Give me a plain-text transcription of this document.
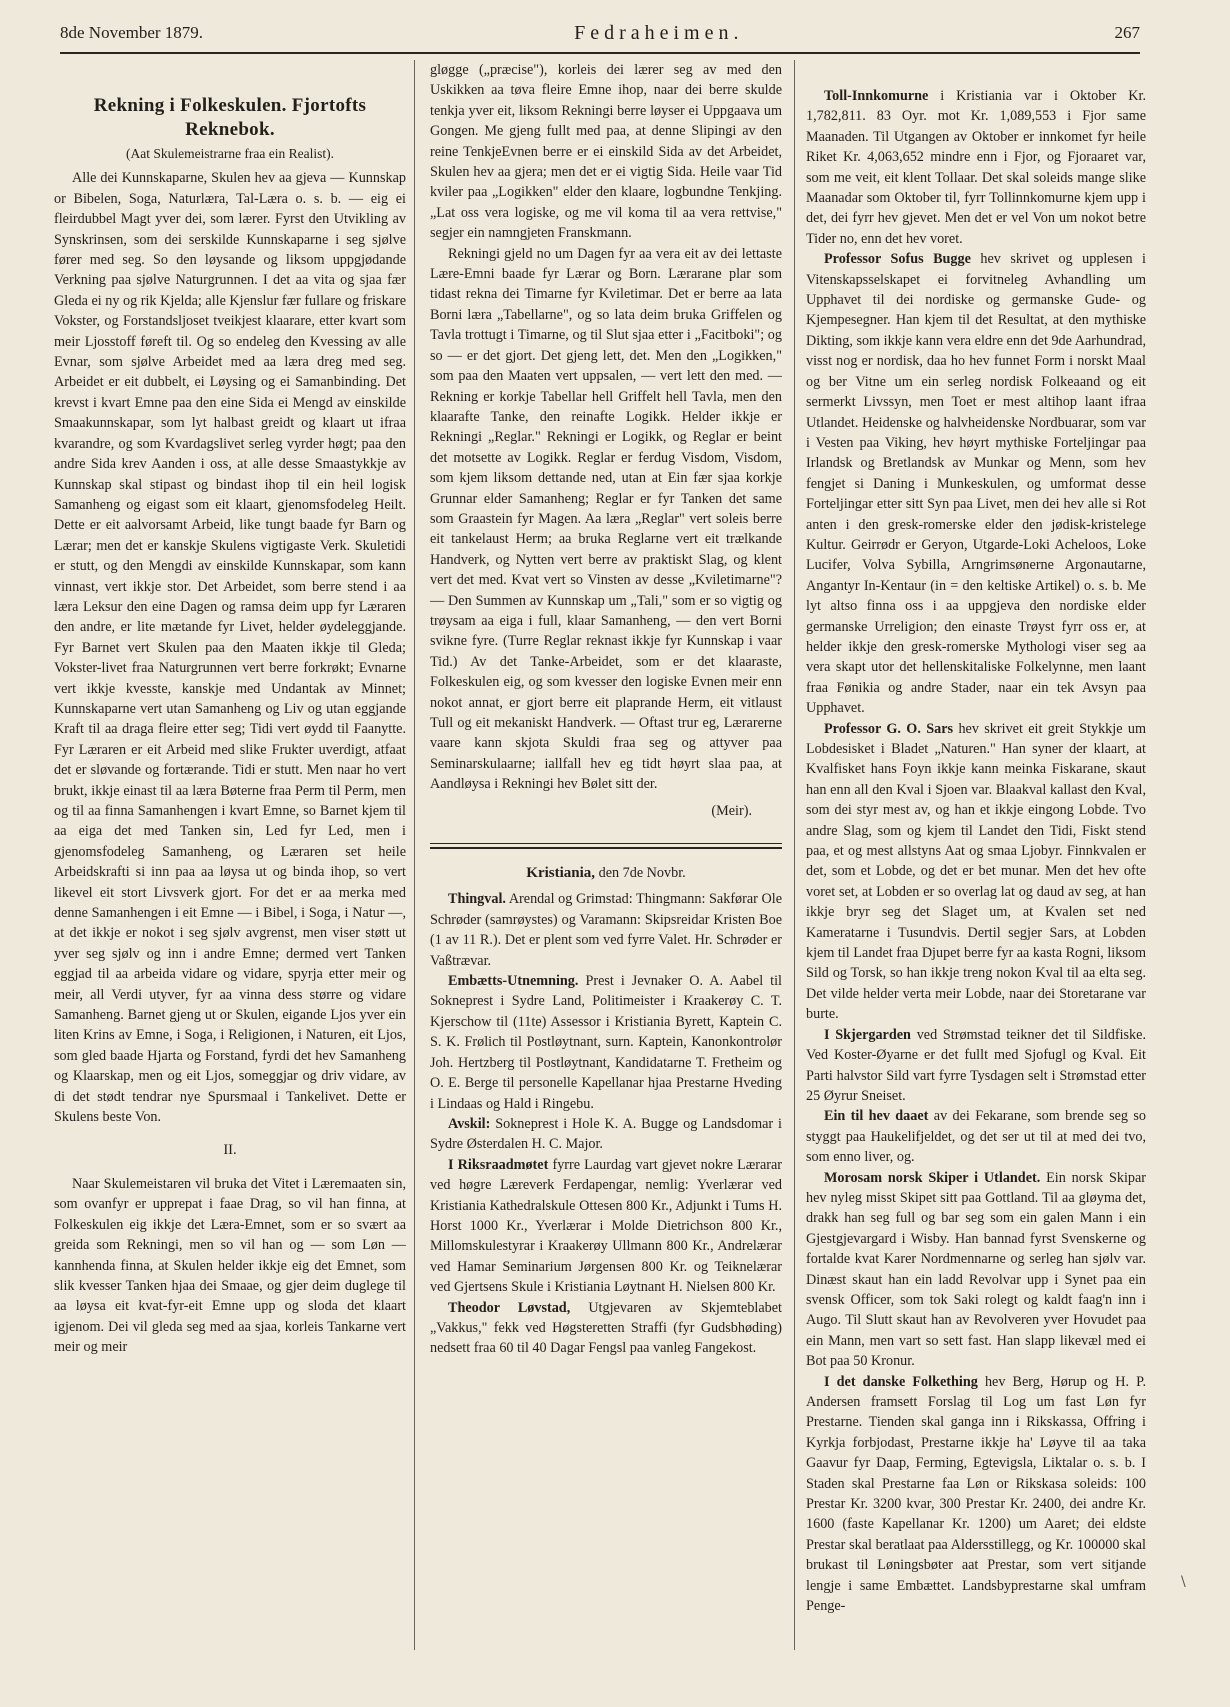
8de November 1879.	Fedraheimen.	267
Rekning i Folkeskulen. Fjortofts Reknebok.
(Aat Skulemeistrarne fraa ein Realist).

Alle dei Kunnskaparne, Skulen hev aa gjeva — Kunnskap or Bibelen, Soga, Naturlæra, Tal-Læra o. s. b. — eig ei fleirdubbel Magt yver dei, som lærer. Fyrst den Utvikling av Synskrinsen, som dei serskilde Kunnskaparne i seg sjølve fører med seg. So den løysande og liksom uppgjødande Verkning paa sjølve Naturgrunnen. I det aa vita og sjaa fær Gleda ei ny og rik Kjelda; alle Kjenslur fær fullare og friskare Vokster, og Forstandsljoset tveikjest klaarare, etter kvart som meir Ljosstoff føreft til. Og so endeleg den Kvessing av alle Evnar, som sjølve Arbeidet med aa læra dreg med seg. Arbeidet er eit dubbelt, ei Løysing og ei Samanbinding. Det krevst i kvart Emne paa den eine Sida ei Mengd av einskilde Smaakunnskapar, som lyt halbast greidt og klaart ut ifraa kvarandre, og som Kvardagslivet serleg vyrder høgt; paa den andre Sida krev Aanden i oss, at alle desse Smaastykkje av Kunnskap skal stipast og bindast ihop til ein heil logisk Samanheng og eigast som eit klaart, gjenomsfodeleg Heilt. Dette er eit aalvorsamt Arbeid, like tungt baade fyr Barn og Lærar; men det er kanskje Skulens vigtigaste Verk. Skuletidi er stutt, og den Mengdi av einskilde Kunnskapar, som kann vinnast, vert ikkje stor. Det Arbeidet, som berre stend i aa læra Leksur den eine Dagen og ramsa deim upp fyr Læraren den andre, er lite mætande fyr Livet, helder øydeleggjande. Fyr Barnet vert Skulen paa den Maaten ikkje til Gleda; Vokster-livet fraa Naturgrunnen vert berre forkrøkt; Evnarne vert ikkje kvesste, kanskje med Undantak av Minnet; Kunnskaparne vert utan Samanheng og Liv og utan eggjande Kraft til aa draga fleire etter seg; Tidi vert øydd til Faanytte. Fyr Læraren er eit Arbeid med slike Frukter uverdigt, atfaat det er sløvande og fortærande. Tidi er stutt. Men naar ho vert brukt, ikkje einast til aa læra Bøterne fraa Perm til Perm, men og til aa finna Samanhengen i kvart Emne, so Barnet kjem til aa eiga det med Tanken sin, Led fyr Led, men i gjenomsfodeleg Samanheng, og Læraren set heile Arbeidskrafti si inn paa aa løysa ut og binda ihop, so vert likevel eit stort Livsverk gjort. For det er aa merka med denne Samanhengen i eit Emne — i Bibel, i Soga, i Natur —, at det ikkje er nokot i seg sjølv avgrenst, men viser støtt ut yver seg sjølv og inn i andre Emne; dermed vert Tanken eggjad til aa arbeida vidare og vidare, spyrja etter meir og meir, all Verdi utyver, fyr aa vinna dess større og vidare Samanheng. Barnet gjeng ut or Skulen, eigande Ljos yver ein liten Krins av Emne, i Soga, i Religionen, i Naturen, eit Ljos, som gled baade Hjarta og Forstand, fyrdi det hev Samanheng og Klaarskap, men og eit Ljos, someggjar og driv vidare, av di det stødt tendrar nye Spursmaal i Tankelivet. Dette er Skulens beste Von.

II.

Naar Skulemeistaren vil bruka det Vitet i Læremaaten sin, som ovanfyr er upprepat i faae Drag, so vil han finna, at Folkeskulen eig ikkje det Læra-Emnet, som er so svært aa greida som Rekningi, men so vil han og — som Løn — kannhenda finna, at Skulen helder ikkje eig det Emnet, som slik kvesser Tanken hjaa dei Smaae, og gjer deim duglege til aa løysa eit kvat-fyr-eit Emne upp og sloda det klaart igjenom. Dei vil gleda seg med aa sjaa, korleis Tankarne vert meir og meir

gløgge („præcise"), korleis dei lærer seg av med den Uskikken aa tøva fleire Emne ihop, naar dei berre skulde tenkja yver eit, liksom Rekningi berre løyser ei Uppgaava um Gongen. Me gjeng fullt med paa, at denne Slipingi av den reine TenkjeEvnen berre er ei einskild Sida av det Arbeidet, Skulen hev aa gjera; men det er ei vigtig Sida. Heile vaar Tid kviler paa „Logikken" elder den klaare, logbundne Tenkjing. „Lat oss vera logiske, og me vil koma til aa vera rettvise," segjer ein namngjeten Franskmann.

Rekningi gjeld no um Dagen fyr aa vera eit av dei lettaste Lære-Emni baade fyr Lærar og Born. Lærarane plar som tidast rekna dei Timarne fyr Kviletimar. Det er berre aa lata Borni læra „Tabellarne", og so lata deim bruka Griffelen og Tavla trottugt i Timarne, og til Slut sjaa etter i „Facitboki"; og so — er det gjort. Det gjeng lett, det. Men den „Logikken," som paa den Maaten vert uppsalen, — vert lett den med. — Rekning er korkje Tabellar hell Griffelt hell Tavla, men den klaarafte Tanke, den reinafte Logikk. Helder ikkje er Rekningi „Reglar." Rekningi er Logikk, og Reglar er beint det motsette av Logikk. Reglar er ferdug Visdom, Visdom, som kjem liksom dettande ned, utan at Ein fær sjaa korkje Grunnar elder Samanheng; Reglar er fyr Tanken det same som Graastein fyr Magen. Aa læra „Reglar" vert soleis berre eit tankelaust Herm; aa bruka Reglarne vert eit trælkande Handverk, og Nytten vert berre av praktiskt Slag, og klent vert det med. Kvat vert so Vinsten av desse „Kviletimarne"? — Den Summen av Kunnskap um „Tali," som er so vigtig og trøysam aa eiga i full, klaar Samanheng, — den vert Borni svikne fyre. (Turre Reglar reknast ikkje fyr Kunnskap i vaar Tid.) Av det Tanke-Arbeidet, som er det klaaraste, Folkeskulen eig, og som kvesser den logiske Evnen meir enn nokot annat, er gjort berre eit plaprande Herm, eit vitlaust Tull og eit mekaniskt Handverk. — Oftast trur eg, Lærarerne vaare kann skjota Skuldi fraa seg og attyver paa Seminarskulaarne; iallfall hev eg tidt høyrt slaa paa, at Aandløysa i Rekningi hev Bølet sitt der.

(Meir).
Kristiania, den 7de Novbr.

Thingval. Arendal og Grimstad: Thingmann: Sakførar Ole Schrøder (samrøystes) og Varamann: Skipsreidar Kristen Boe (1 av 11 R.). Det er plent som ved fyrre Valet. Hr. Schrøder er Vaßtrævar.

Embætts-Utnemning. Prest i Jevnaker O. A. Aabel til Sokneprest i Sydre Land, Politimeister i Kraakerøy C. T. Kjerschow til (11te) Assessor i Kristiania Byrett, Kaptein C. S. K. Frølich til Postløytnant, surn. Kaptein, Kanonkontrolør Joh. Hertzberg til Postløytnant, Kandidatarne T. Fretheim og O. E. Berge til personelle Kapellanar hjaa Prestarne Hveding i Lindaas og Hald i Ringebu.

Avskil: Sokneprest i Hole K. A. Bugge og Landsdomar i Sydre Østerdalen H. C. Major.

I Riksraadmøtet fyrre Laurdag vart gjevet nokre Lærarar ved høgre Læreverk Ferdapengar, nemlig: Yverlærar ved Kristiania Kathedralskule Ottesen 800 Kr., Adjunkt i Tums H. Horst 1000 Kr., Yverlærar i Molde Dietrichson 800 Kr., Millomskulestyrar i Kraakerøy Ullmann 800 Kr., Andrelærar ved Hamar Seminarium Jørgensen 800 Kr. og Teiknelærar ved Gjertsens Skule i Kristiania Løytnant H. Nielsen 800 Kr.

Theodor Løvstad, Utgjevaren av Skjemteblabet „Vakkus," fekk ved Høgsteretten Straffi (fyr Gudsbhøding) nedsett fraa 60 til 40 Dagar Fengsl paa vanleg Fangekost.

Toll-Innkomurne i Kristiania var i Oktober Kr. 1,782,811. 83 Oyr. mot Kr. 1,089,553 i Fjor same Maanaden. Til Utgangen av Oktober er innkomet fyr heile Riket Kr. 4,063,652 mindre enn i Fjor, og Fjoraaret var, som me veit, eit klent Tollaar. Det skal soleids mange slike Maanadar som Oktober til, fyrr Tollinnkomurne kjem upp i det, dei fyrr hev gjevet. Men det er vel Von um nokot betre Tider no, enn det hev voret.

Professor Sofus Bugge hev skrivet og upplesen i Vitenskapsselskapet ei forvitneleg Avhandling um Upphavet til dei nordiske og germanske Gude- og Kjempesegner. Han kjem til det Resultat, at den mythiske Dikting, som ikkje kann vera eldre enn det 9de Aarhundrad, visst nog er nordisk, daa ho hev funnet Form i norskt Maal og ber Vitne um ein serleg nordisk Folkeaand og eit sermerkt Livssyn, men Toet er mest altihop laant ifraa Utlandet. Heidenske og halvheidenske Nordbuarar, som var i Vesten paa Viking, hev høyrt mythiske Forteljingar paa Irlandsk og Bretlandsk av Munkar og Menn, som hev fengjet si Daning i Munkeskulen, og umformat desse Forteljingar etter sitt Syn paa Livet, men dei hev alle si Rot anten i den gresk-romerske elder den jødisk-kristelege Kultur. Geirrødr er Geryon, Utgarde-Loki Acheloos, Loke Lucifer, Volva Sybilla, Arngrimsønerne Argonautarne, Angantyr In-Kentaur (in = den keltiske Artikel) o. s. b. Me lyt altso finna oss i aa uppgjeva den nordiske elder germanske Urreligion; den einaste Trøyst fyrr oss er, at helder ikkje den gresk-romerske Mythologi viser seg aa vera skapt utor det hellenskitaliske Folkelynne, men laant fraa Fønikia og andre Stader, naar ein tek Avsyn paa Upphavet.

Professor G. O. Sars hev skrivet eit greit Stykkje um Lobdesisket i Bladet „Naturen." Han syner der klaart, at Kvalfisket hans Foyn ikkje kann meinka Fiskarane, skaut han enn all den Kval i Sjoen var. Blaakval kallast den Kval, som dei styr mest av, og han et ikkje eingong Lobde. Tvo andre Slag, som og kjem til Landet den Tidi, Fiskt stend paa, et og mest allstyns Aat og smaa Ljobyr. Finnkvalen er det, som et Lobde, og det er bet munar. Men det hev ofte voret set, at Lobden er so overlag lat og daud av seg, at han ikkje bryr seg det Slaget um, at Kvalen set ned Kameratarne i Tusundvis. Dertil segjer Sars, at Lobden kjem til Landet fraa Djupet berre fyr aa kasta Rogni, liksom Sild og Torsk, so han ikkje treng nokon Kval til aa elta seg. Det vilde helder verta meir Lobde, naar dei Storetarane var burte.

I Skjergarden ved Strømstad teikner det til Sildfiske. Ved Koster-Øyarne er det fullt med Sjofugl og Kval. Eit Parti halvstor Sild vart fyrre Tysdagen selt i Strømstad etter 25 Øyrur Sneiset.

Ein til hev daaet av dei Fekarane, som brende seg so styggt paa Haukelifjeldet, og det ser ut til at med dei tvo, som enno liver, og.

Morosam norsk Skiper i Utlandet. Ein norsk Skipar hev nyleg misst Skipet sitt paa Gottland. Til aa gløyma det, drakk han seg full og bar seg som ein galen Mann i ein Gjestgjevargard i Wisby. Han bannad fyrst Svenskerne og fortalde kvat Karer Nordmennarne og serleg han sjølv var. Dinæst skaut han ein ladd Revolvar upp i Synet paa ein svensk Officer, som tok Saki rolegt og kaldt faag'n inn i Augo. Til Slutt skaut han av Revolveren yver Hovudet paa ein Mann, men vart so sett fast. Han slapp likevæl med ei Bot paa 50 Kronur.

I det danske Folkething hev Berg, Hørup og H. P. Andersen framsett Forslag til Log um fast Løn fyr Prestarne. Tienden skal ganga inn i Rikskassa, Offring i Kyrkja forbjodast, Prestarne ikkje ha' Løyve til aa taka Gaavur fyr Daap, Ferming, Egtevigsla, Liktalar o. s. b. I Staden skal Prestarne faa Løn or Rikskasa soleids: 100 Prestar Kr. 3200 kvar, 300 Prestar Kr. 2400, dei andre Kr. 1600 (faste Kapellanar Kr. 1200) um Aaret; dei eldste Prestar skal beratlaat paa Aldersstillegg, og Kr. 100000 skal brukast til Løningsbøter aat Prestar, som vert sitjande lengje i same Embættet. Landsbyprestarne skal umfram Penge-

\
